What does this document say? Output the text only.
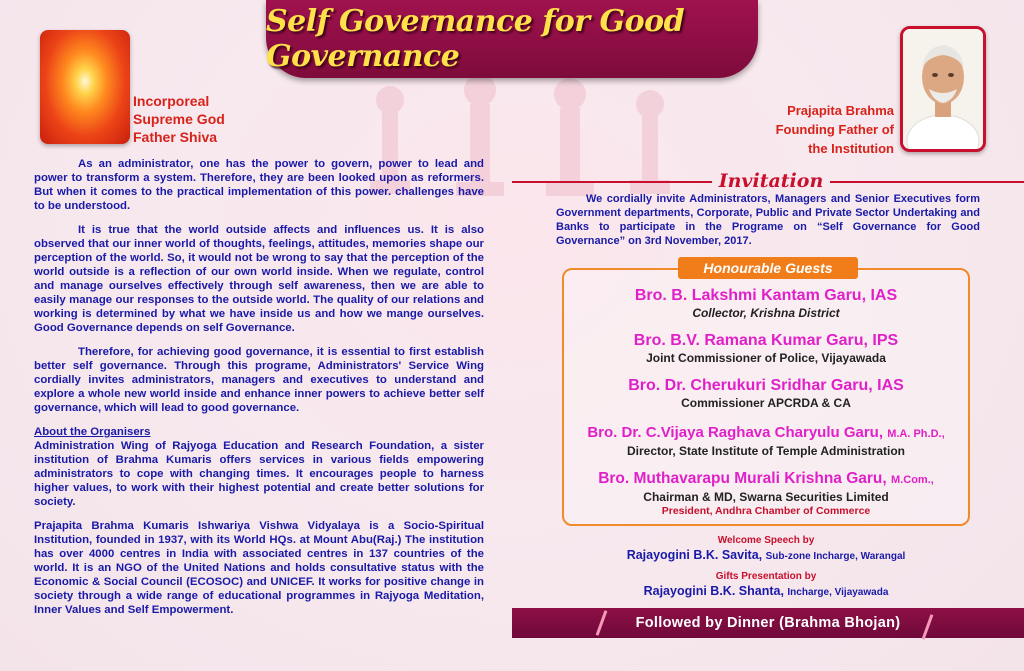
Self Governance for Good Governance
Incorporeal
Supreme God
Father Shiva
Prajapita Brahma
Founding Father of
the Institution

As an administrator, one has the power to govern, power to lead and power to transform a system. Therefore, they are been looked upon as reformers. But when it comes to the practical implementation of this power. challenges have to be understood.

It is true that the world outside affects and influences us. It is also observed that our inner world of thoughts, feelings, attitudes, memories shape our perception of the world. So, it would not be wrong to say that the perception of the world outside is a reflection of our own world inside. When we regulate, control and manage ourselves effectively through self awareness, then we are able to easily manage our responses to the outside world. The quality of our relations and working is determined by what we have inside us and how we mange ourselves. Good Governance depends on self Governance.

Therefore, for achieving good governance, it is essential to first establish better self governance. Through this programe, Administrators' Service Wing cordially invites administrators, managers and executives to understand and explore a whole new world inside and enhance inner powers to achieve better self governance, which will lead to good governance.

About the Organisers

Administration Wing of Rajyoga Education and Research Foundation, a sister institution of Brahma Kumaris offers services in various fields empowering administrators to cope with changing times. It encourages people to harness higher values, to work with their highest potential and create better solutions for society.

Prajapita Brahma Kumaris Ishwariya Vishwa Vidyalaya is a Socio-Spiritual Institution, founded in 1937, with its World HQs. at Mount Abu(Raj.) The institution has over 4000 centres in India with associated centres in 137 countries of the world. It is an NGO of the United Nations and holds consultative status with the Economic & Social Council (ECOSOC) and UNICEF. It works for positive change in society through a wide range of educational programmes in Rajyoga Meditation, Inner Values and Self Empowerment.

Invitation
We cordially invite Administrators, Managers and Senior Executives form Government departments, Corporate, Public and Private Sector Undertaking and Banks to participate in the Programe on “Self Governance for Good Governance” on 3rd November, 2017.
Honourable Guests
Bro. B. Lakshmi Kantam Garu, IAS
Collector, Krishna District
Bro. B.V. Ramana Kumar Garu, IPS
Joint Commissioner of Police, Vijayawada
Bro. Dr. Cherukuri Sridhar Garu, IAS
Commissioner APCRDA & CA
Bro. Dr. C.Vijaya Raghava Charyulu Garu, M.A. Ph.D.,
Director, State Institute of Temple Administration
Bro. Muthavarapu Murali Krishna Garu, M.Com.,
Chairman & MD, Swarna Securities Limited
President, Andhra Chamber of Commerce
Welcome Speech by
Rajayogini B.K. Savita, Sub-zone Incharge, Warangal
Gifts Presentation by
Rajayogini B.K. Shanta, Incharge, Vijayawada
Followed by Dinner (Brahma Bhojan)
